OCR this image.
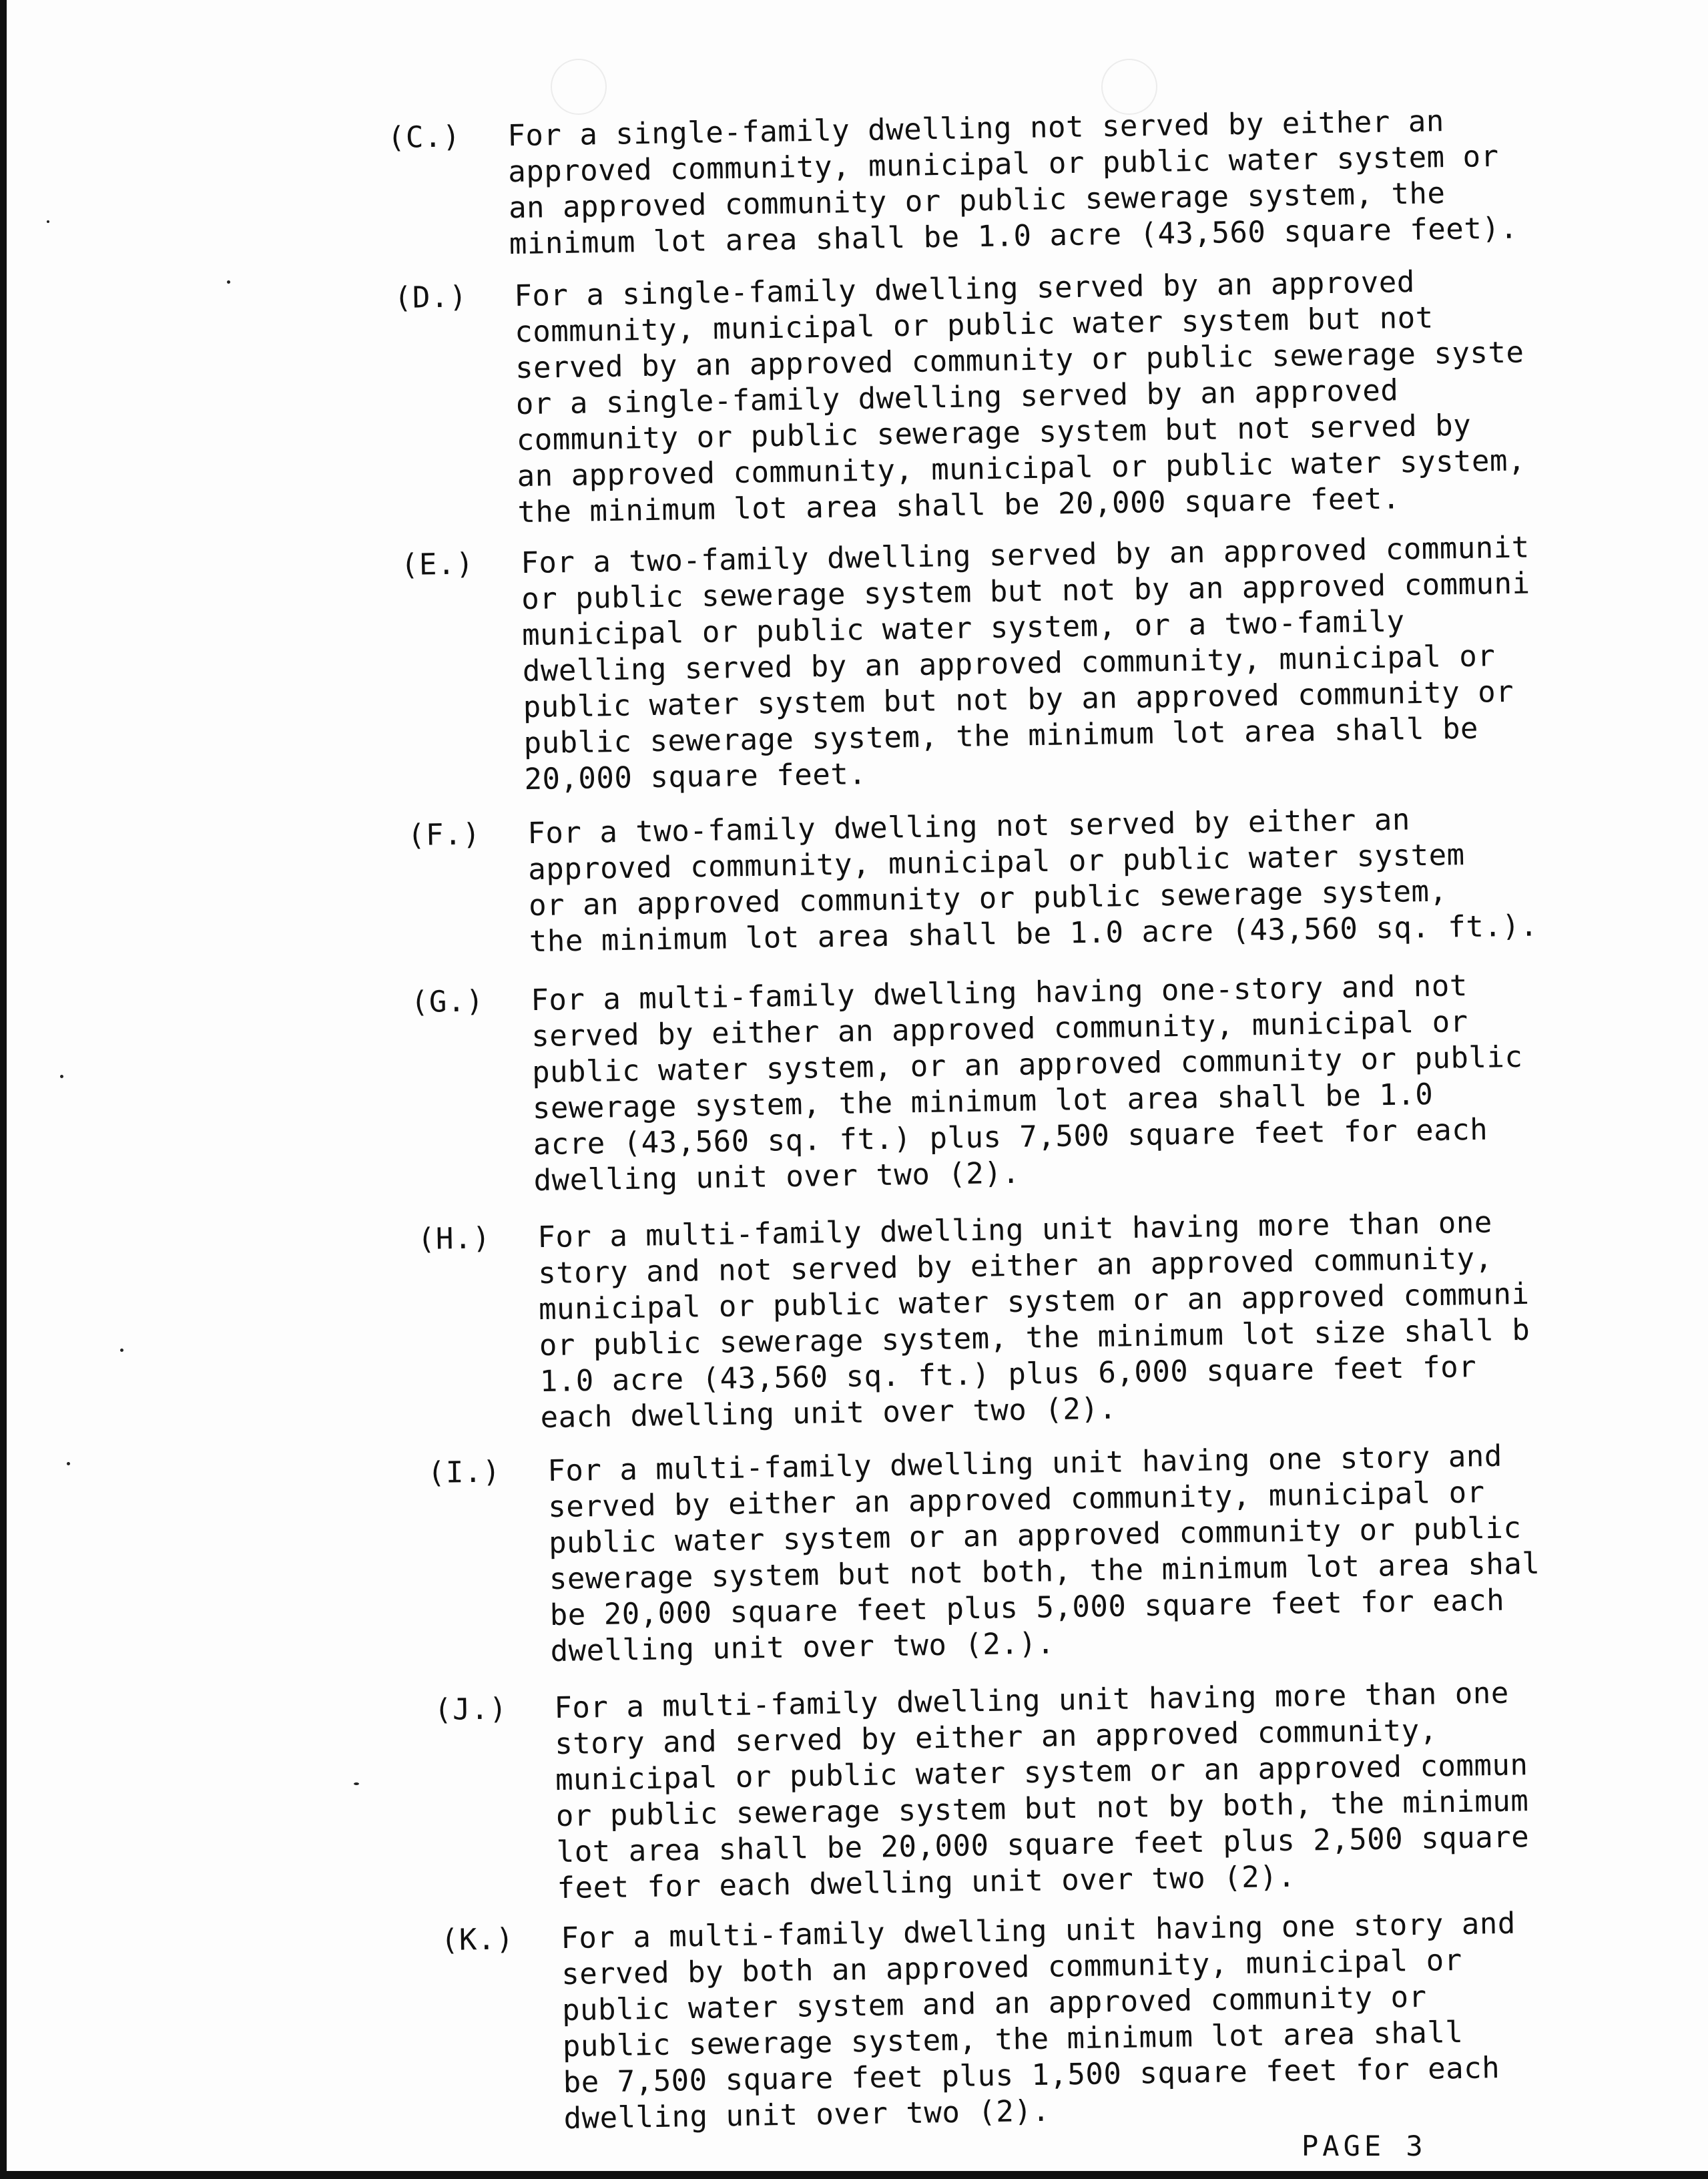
(C.) For a single-family dwelling not served by either an
approved community, municipal or public water system or
an approved community or public sewerage system, the
minimum lot area shall be 1.0 acre (43,560 square feet).
(D.) For a single-family dwelling served by an approved
community, municipal or public water system but not
served by an approved community or public sewerage syste
or a single-family dwelling served by an approved
community or public sewerage system but not served by
an approved community, municipal or public water system,
the minimum lot area shall be 20,000 square feet.
(E.) For a two-family dwelling served by an approved communit
or public sewerage system but not by an approved communi
municipal or public water system, or a two-family
dwelling served by an approved community, municipal or
public water system but not by an approved community or
public sewerage system, the minimum lot area shall be
20,000 square feet.
(F.) For a two-family dwelling not served by either an
approved community, municipal or public water system
or an approved community or public sewerage system,
the minimum lot area shall be 1.0 acre (43,560 sq. ft.).
(G.) For a multi-family dwelling having one-story and not
served by either an approved community, municipal or
public water system, or an approved community or public
sewerage system, the minimum lot area shall be 1.0
acre (43,560 sq. ft.) plus 7,500 square feet for each
dwelling unit over two (2).
(H.) For a multi-family dwelling unit having more than one
story and not served by either an approved community,
municipal or public water system or an approved communi
or public sewerage system, the minimum lot size shall b
1.0 acre (43,560 sq. ft.) plus 6,000 square feet for
each dwelling unit over two (2).
(I.) For a multi-family dwelling unit having one story and
served by either an approved community, municipal or
public water system or an approved community or public
sewerage system but not both, the minimum lot area shal
be 20,000 square feet plus 5,000 square feet for each
dwelling unit over two (2.).
(J.) For a multi-family dwelling unit having more than one
story and served by either an approved community,
municipal or public water system or an approved commun
or public sewerage system but not by both, the minimum
lot area shall be 20,000 square feet plus 2,500 square
feet for each dwelling unit over two (2).
(K.) For a multi-family dwelling unit having one story and
served by both an approved community, municipal or
public water system and an approved community or
public sewerage system, the minimum lot area shall
be 7,500 square feet plus 1,500 square feet for each
dwelling unit over two (2).
PAGE 3
